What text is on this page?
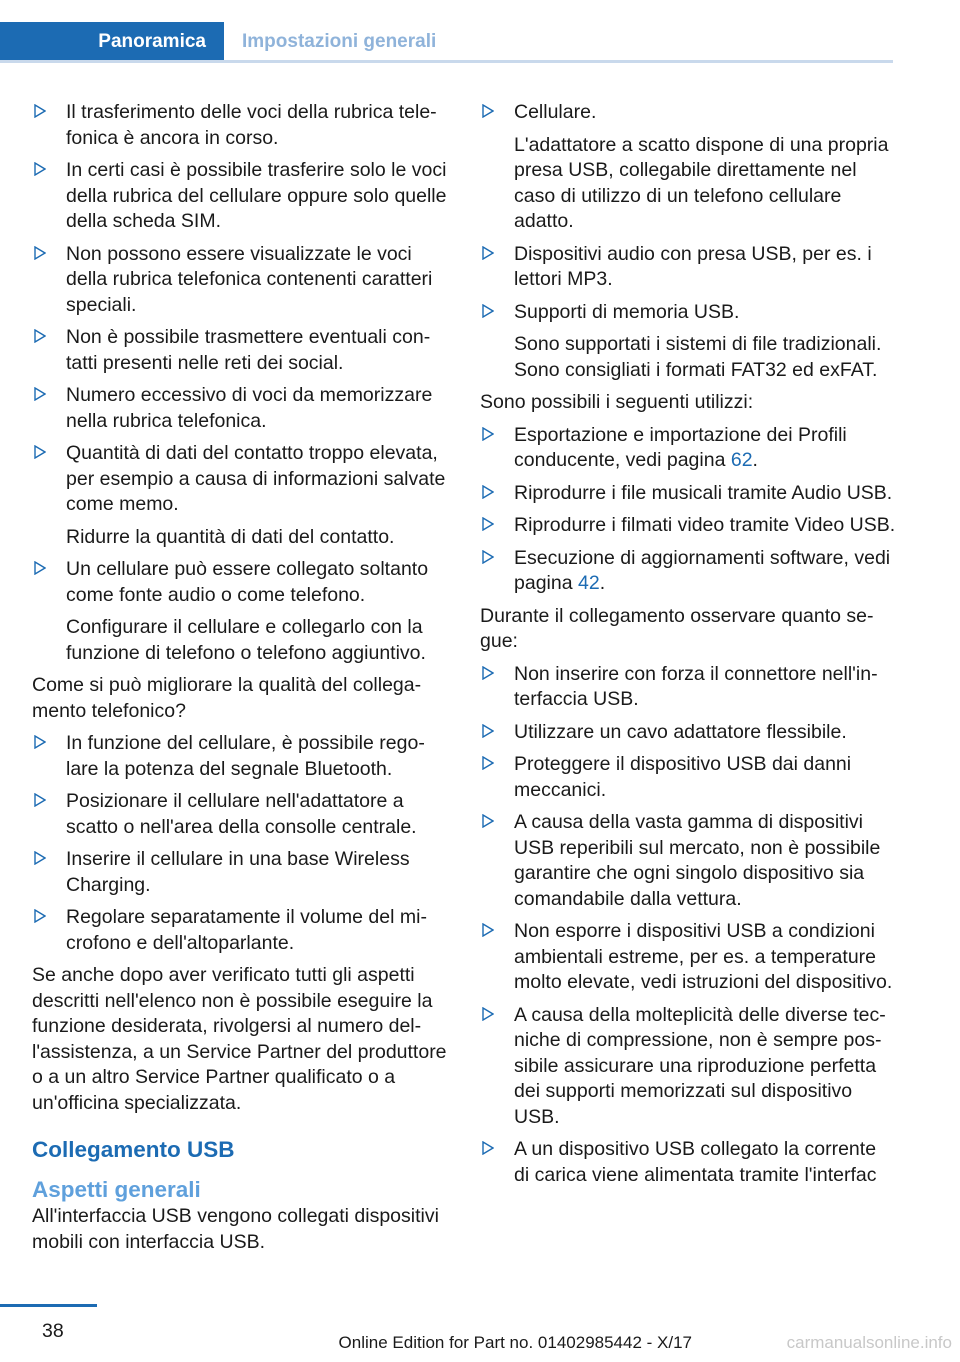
Panoramica	Impostazioni generali
Il trasferimento delle voci della rubrica telefonica è ancora in corso.
In certi casi è possibile trasferire solo le voci della rubrica del cellulare oppure solo quelle della scheda SIM.
Non possono essere visualizzate le voci della rubrica telefonica contenenti caratteri speciali.
Non è possibile trasmettere eventuali contatti presenti nelle reti dei social.
Numero eccessivo di voci da memorizzare nella rubrica telefonica.
Quantità di dati del contatto troppo elevata, per esempio a causa di informazioni salvate come memo.
Ridurre la quantità di dati del contatto.
Un cellulare può essere collegato soltanto come fonte audio o come telefono.
Configurare il cellulare e collegarlo con la funzione di telefono o telefono aggiuntivo.

Come si può migliorare la qualità del collegamento telefonico?

In funzione del cellulare, è possibile regolare la potenza del segnale Bluetooth.
Posizionare il cellulare nell'adattatore a scatto o nell'area della consolle centrale.
Inserire il cellulare in una base Wireless Charging.
Regolare separatamente il volume del microfono e dell'altoparlante.

Se anche dopo aver verificato tutti gli aspetti descritti nell'elenco non è possibile eseguire la funzione desiderata, rivolgersi al numero dell'assistenza, a un Service Partner del produttore o a un altro Service Partner qualificato o a un'officina specializzata.

Collegamento USB
Aspetti generali

All'interfaccia USB vengono collegati dispositivi mobili con interfaccia USB.

Cellulare.
L'adattatore a scatto dispone di una propria presa USB, collegabile direttamente nel caso di utilizzo di un telefono cellulare adatto.
Dispositivi audio con presa USB, per es. i lettori MP3.
Supporti di memoria USB.
Sono supportati i sistemi di file tradizionali. Sono consigliati i formati FAT32 ed exFAT.

Sono possibili i seguenti utilizzi:

Esportazione e importazione dei Profili conducente, vedi pagina 62.
Riprodurre i file musicali tramite Audio USB.
Riprodurre i filmati video tramite Video USB.
Esecuzione di aggiornamenti software, vedi pagina 42.

Durante il collegamento osservare quanto segue:

Non inserire con forza il connettore nell'interfaccia USB.
Utilizzare un cavo adattatore flessibile.
Proteggere il dispositivo USB dai danni meccanici.
A causa della vasta gamma di dispositivi USB reperibili sul mercato, non è possibile garantire che ogni singolo dispositivo sia comandabile dalla vettura.
Non esporre i dispositivi USB a condizioni ambientali estreme, per es. a temperature molto elevate, vedi istruzioni del dispositivo.
A causa della molteplicità delle diverse tecniche di compressione, non è sempre possibile assicurare una riproduzione perfetta dei supporti memorizzati sul dispositivo USB.
A un dispositivo USB collegato la corrente di carica viene alimentata tramite l'interfac
38
Online Edition for Part no. 01402985442 - X/17	carmanualsonline.info
